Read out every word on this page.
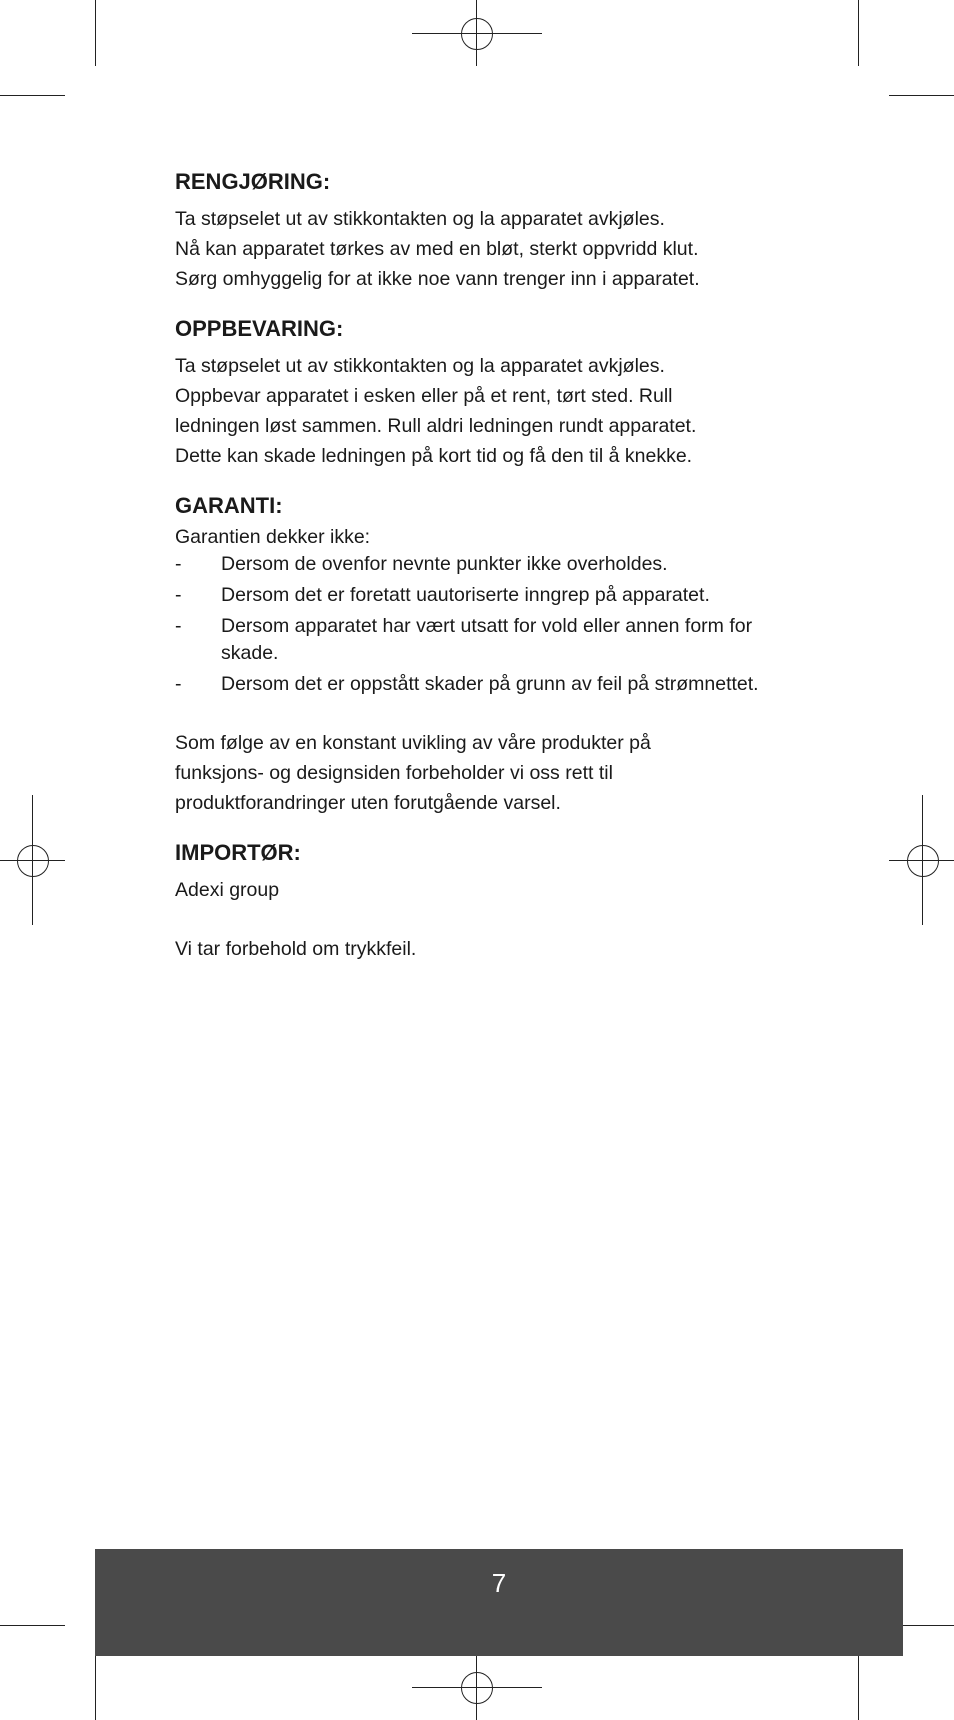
RENGJØRING:

Ta støpselet ut av stikkontakten og la apparatet avkjøles.

Nå kan apparatet tørkes av med en bløt, sterkt oppvridd klut.

Sørg omhyggelig for at ikke noe vann trenger inn i apparatet.

OPPBEVARING:

Ta støpselet ut av stikkontakten og la apparatet avkjøles.

Oppbevar apparatet i esken eller på et rent, tørt sted. Rull

ledningen løst sammen. Rull aldri ledningen rundt apparatet.

Dette kan skade ledningen på kort tid og få den til å knekke.

GARANTI:

Garantien dekker ikke:

- Dersom de ovenfor nevnte punkter ikke overholdes.
- Dersom det er foretatt uautoriserte inngrep på apparatet.
- Dersom apparatet har vært utsatt for vold eller annen form for skade.
- Dersom det er oppstått skader på grunn av feil på strømnettet.

Som følge av en konstant uvikling av våre produkter på

funksjons- og designsiden forbeholder vi oss rett til

produktforandringer uten forutgående varsel.

IMPORTØR:

Adexi group

Vi tar forbehold om trykkfeil.

7
